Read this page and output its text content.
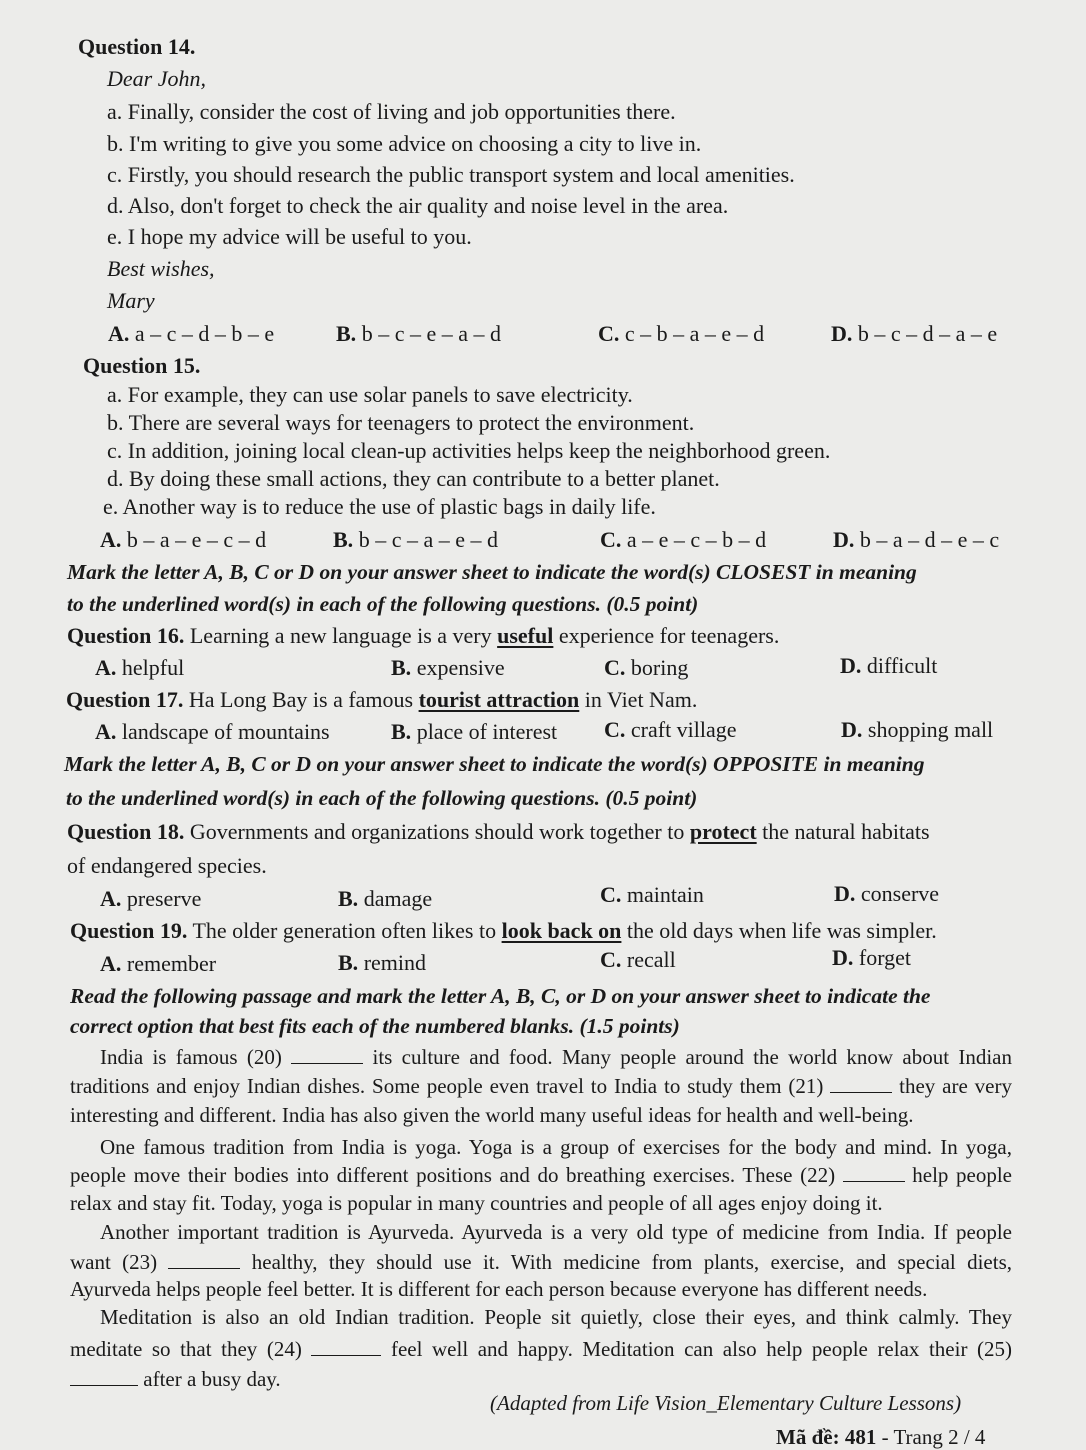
Question 14.
Dear John,
a. Finally, consider the cost of living and job opportunities there.
b. I'm writing to give you some advice on choosing a city to live in.
c. Firstly, you should research the public transport system and local amenities.
d. Also, don't forget to check the air quality and noise level in the area.
e. I hope my advice will be useful to you.
Best wishes,
Mary
A. a – c – d – b – e	B. b – c – e – a – d	C. c – b – a – e – d	D. b – c – d – a – e
Question 15.
a. For example, they can use solar panels to save electricity.
b. There are several ways for teenagers to protect the environment.
c. In addition, joining local clean-up activities helps keep the neighborhood green.
d. By doing these small actions, they can contribute to a better planet.
e. Another way is to reduce the use of plastic bags in daily life.
A. b – a – e – c – d	B. b – c – a – e – d	C. a – e – c – b – d	D. b – a – d – e – c
Mark the letter A, B, C or D on your answer sheet to indicate the word(s) CLOSEST in meaning
to the underlined word(s) in each of the following questions. (0.5 point)
Question 16. Learning a new language is a very useful experience for teenagers.
A. helpful	B. expensive	C. boring	D. difficult
Question 17. Ha Long Bay is a famous tourist attraction in Viet Nam.
A. landscape of mountains	B. place of interest C. craft village	D. shopping mall
Mark the letter A, B, C or D on your answer sheet to indicate the word(s) OPPOSITE in meaning
to the underlined word(s) in each of the following questions. (0.5 point)
Question 18. Governments and organizations should work together to protect the natural habitats
of endangered species.
A. preserve	B. damage	C. maintain	D. conserve
Question 19. The older generation often likes to look back on the old days when life was simpler.
A. remember	B. remind	C. recall	D. forget
Read the following passage and mark the letter A, B, C, or D on your answer sheet to indicate the
correct option that best fits each of the numbered blanks. (1.5 points)
India is famous (20)	its culture and food. Many people around the world know about Indian
traditions and enjoy Indian dishes. Some people even travel to India to study them (21)	they are very
interesting and different. India has also given the world many useful ideas for health and well-being.
One famous tradition from India is yoga. Yoga is a group of exercises for the body and mind. In yoga,
people move their bodies into different positions and do breathing exercises. These (22)	help people
relax and stay fit. Today, yoga is popular in many countries and people of all ages enjoy doing it.
Another important tradition is Ayurveda. Ayurveda is a very old type of medicine from India. If people
want (23)	healthy, they should use it. With medicine from plants, exercise, and special diets,
Ayurveda helps people feel better. It is different for each person because everyone has different needs.
Meditation is also an old Indian tradition. People sit quietly, close their eyes, and think calmly. They
meditate so that they (24)	feel well and happy. Meditation can also help people relax their (25)
after a busy day.
(Adapted from Life Vision_Elementary Culture Lessons)
Mã đề: 481 - Trang 2 / 4
